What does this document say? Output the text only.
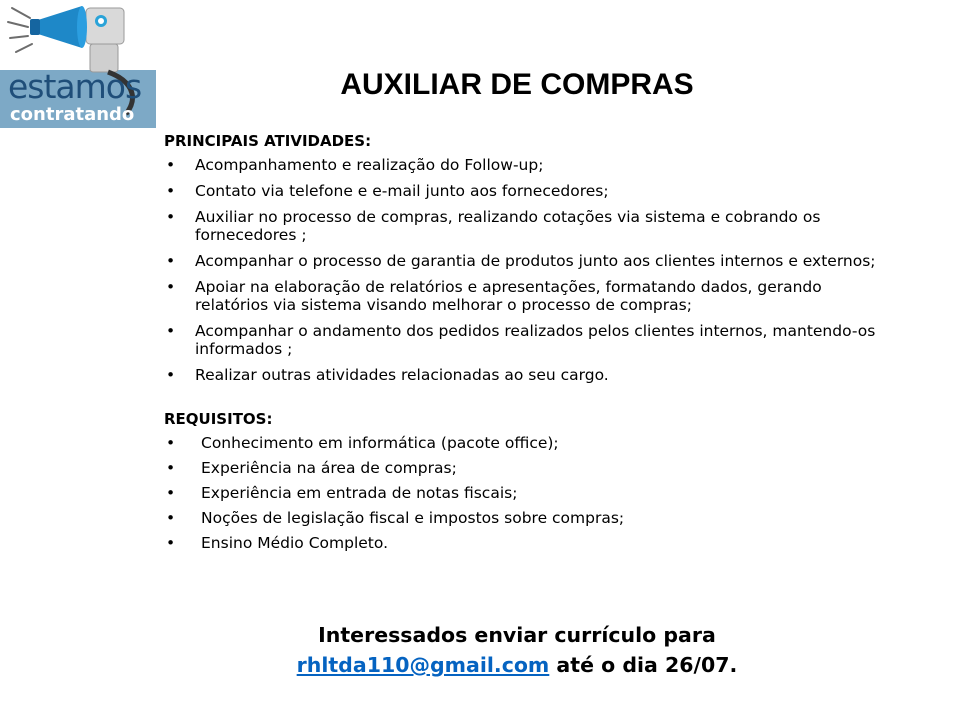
estamos
contratando
AUXILIAR DE COMPRAS
PRINCIPAIS ATIVIDADES:
• Acompanhamento e realização do Follow-up;
• Contato via telefone e e-mail junto aos fornecedores;
• Auxiliar no processo de compras, realizando cotações via sistema e cobrando os fornecedores ;
• Acompanhar o processo de garantia de produtos junto aos clientes internos e externos;
• Apoiar na elaboração de relatórios e apresentações, formatando dados, gerando relatórios via sistema visando melhorar o processo de compras;
• Acompanhar o andamento dos pedidos realizados pelos clientes internos, mantendo-os informados ;
• Realizar outras atividades relacionadas ao seu cargo.
REQUISITOS:
• Conhecimento em informática (pacote office);
• Experiência na área de compras;
• Experiência em entrada de notas fiscais;
• Noções de legislação fiscal e impostos sobre compras;
• Ensino Médio Completo.
Interessados enviar currículo para
rhltda110@gmail.com até o dia 26/07.
